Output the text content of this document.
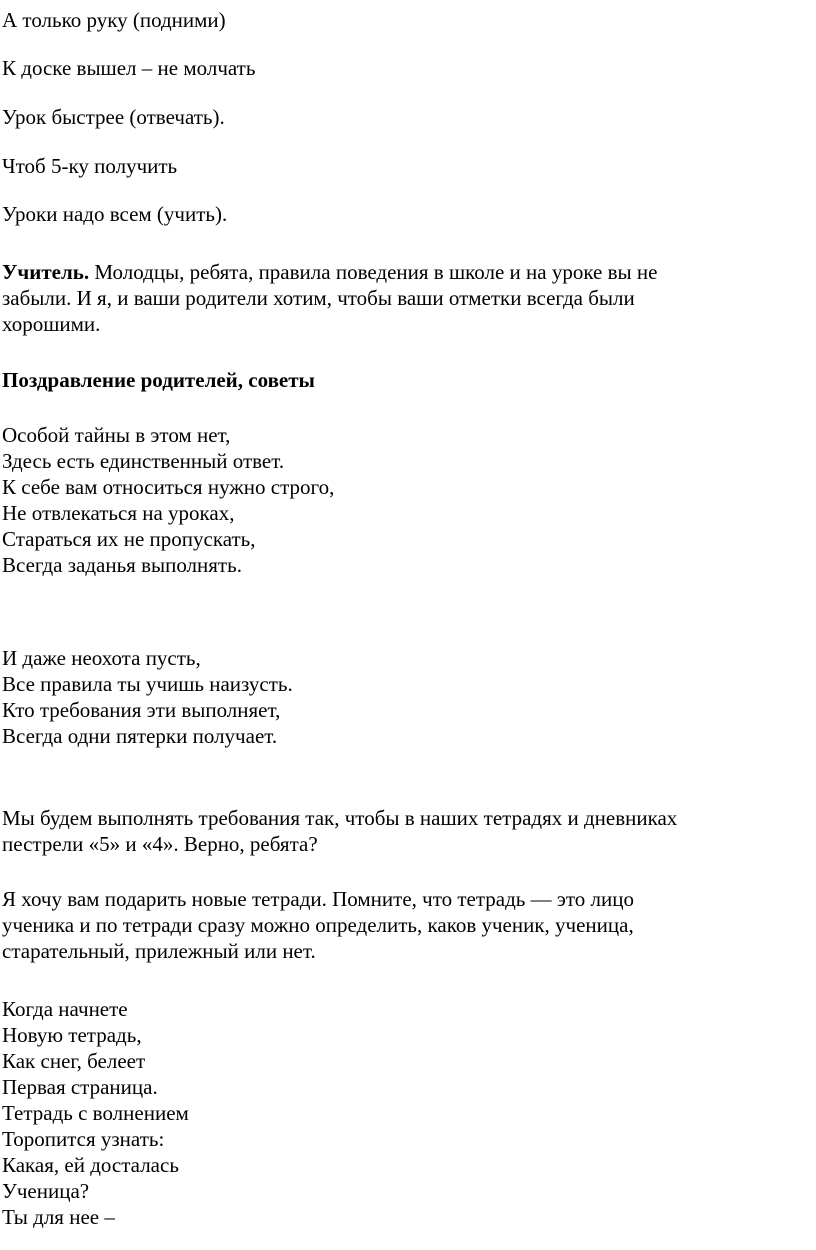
А только руку (подними)

К доске вышел – не молчать

Урок быстрее (отвечать).

Чтоб 5-ку получить

Уроки надо всем (учить).

Учитель. Молодцы, ребята, правила поведения в школе и на уроке вы не
забыли. И я, и ваши родители хотим, чтобы ваши отметки всегда были
хорошими.

Поздравление родителей, советы

Особой тайны в этом нет,
Здесь есть единственный ответ.
К себе вам относиться нужно строго,
Не отвлекаться на уроках,
Стараться их не пропускать,
Всегда заданья выполнять.

И даже неохота пусть,
Все правила ты учишь наизусть.
Кто требования эти выполняет,
Всегда одни пятерки получает.

Мы будем выполнять требования так, чтобы в наших тетрадях и дневниках
пестрели «5» и «4». Верно, ребята?

Я хочу вам подарить новые тетради. Помните, что тетрадь — это лицо
ученика и по тетради сразу можно определить, каков ученик, ученица,
старательный, прилежный или нет.

Когда начнете
Новую тетрадь,
Как снег, белеет
Первая страница.
Тетрадь с волнением
Торопится узнать:
Какая, ей досталась
Ученица?
Ты для нее –
